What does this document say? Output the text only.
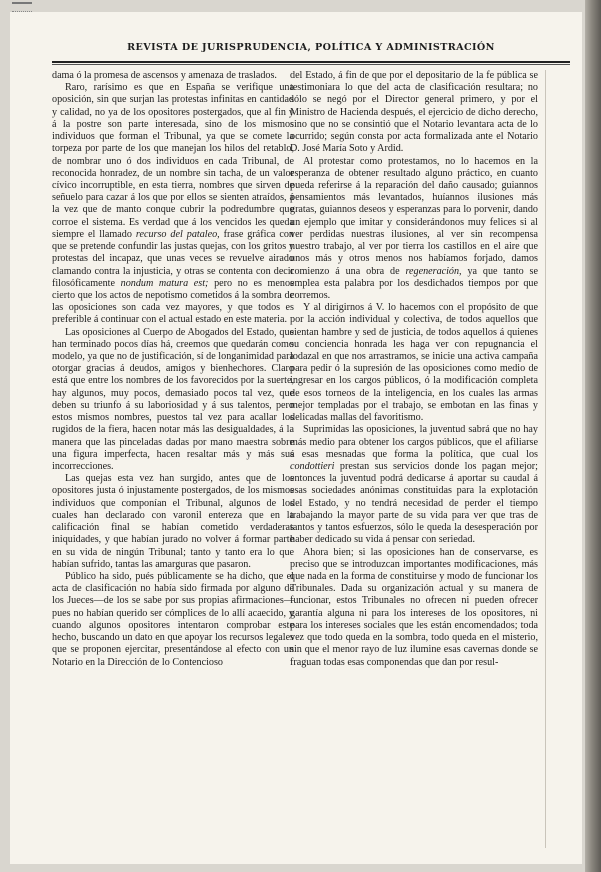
REVISTA DE JURISPRUDENCIA, POLÍTICA Y ADMINISTRACIÓN

dama ó la promesa de ascensos y amenaza de traslados.

Raro, rarísimo es que en España se verifique una oposición, sin que surjan las protestas infinitas en cantidad y calidad, no ya de los opositores postergados, que al fin y á la postre son parte interesada, sino de los mismos individuos que forman el Tribunal, ya que se comete la torpeza por parte de los que manejan los hilos del retablo, de nombrar uno ó dos individuos en cada Tribunal, de reconocida honradez, de un nombre sin tacha, de un valor cívico incorruptible, en esta tierra, nombres que sirven de señuelo para cazar á los que por ellos se sienten atraídos, á la vez que de manto conque cubrir la podredumbre que corroe el sistema. Es verdad que á los vencidos les queda siempre el llamado recurso del pataleo, frase gráfica con que se pretende confundir las justas quejas, con los gritos y protestas del incapaz, que unas veces se revuelve airado clamando contra la injusticia, y otras se contenta con decir filosóficamente nondum matura est; pero no es menos cierto que los actos de nepotismo cometidos á la sombra de las oposiciones son cada vez mayores, y que todos es preferible á continuar con el actual estado en este materia.

Las oposiciones al Cuerpo de Abogados del Estado, que han terminado pocos días há, creemos que quedarán como modelo, ya que no de justificación, sí de longanimidad para otorgar gracias á deudos, amigos y bienhechores. Claro está que entre los nombres de los favorecidos por la suerte, hay algunos, muy pocos, demasiado pocos tal vez, que deben su triunfo á su laboriosidad y á sus talentos, pero estos mismos nombres, puestos tal vez para acallar los rugidos de la fiera, hacen notar más las desigualdades, á la manera que las pinceladas dadas por mano maestra sobre una figura imperfecta, hacen resaltar más y más sus incorrecciones.

Las quejas esta vez han surgido, antes que de los opositores justa ó injustamente postergados, de los mismos individuos que componían el Tribunal, algunos de los cuales han declarado con varonil entereza que en la calificación final se habían cometido verdaderas iniquidades, y que habían jurado no volver á formar parte en su vida de ningún Tribunal; tanto y tanto era lo que habían sufrido, tantas las amarguras que pasaron.

Público ha sido, pués públicamente se ha dicho, que el acta de clasificación no había sido firmada por alguno de los Jueces—de los se sabe por sus propias afirmaciones—pues no habían querido ser cómplices de lo allí acaecido, y cuando algunos opositores intentaron comprobar este hecho, buscando un dato en que apoyar los recursos legales que se proponen ejercitar, presentándose al efecto con un Notario en la Dirección de lo Contencioso

del Estado, á fin de que por el depositario de la fe pública se testimoniara lo que del acta de clasificación resultara; no sólo se negó por el Director general primero, y por el Ministro de Hacienda después, el ejercicio de dicho derecho, sino que no se consintió que el Notario levantara acta de lo ocurrido; según consta por acta formalizada ante el Notario D. José María Soto y Ardid.

Al protestar como protestamos, no lo hacemos en la esperanza de obtener resultado alguno práctico, en cuanto pueda referirse á la reparación del daño causado; guiannos pensamientos más levantados, huíannos ilusiones más gratas, guiannos deseos y esperanzas para lo porvenir, dando un ejemplo que imitar y considerándonos muy felices si al ver perdidas nuestras ilusiones, al ver sin recompensa nuestro trabajo, al ver por tierra los castillos en el aire que unos más y otros menos nos habíamos forjado, damos comienzo á una obra de regeneración, ya que tanto se emplea esta palabra por los desdichados tiempos por que corremos.

Y al dirigirnos á V. lo hacemos con el propósito de que por la acción individual y colectiva, de todos aquellos que sientan hambre y sed de justicia, de todos aquellos á quienes su conciencia honrada les haga ver con repugnancia el lodazal en que nos arrastramos, se inicie una activa campaña para pedir ó la supresión de las oposiciones como medio de ingresar en los cargos públicos, ó la modificación completa de esos torneos de la inteligencia, en los cuales las armas mejor templadas por el trabajo, se embotan en las finas y delicadas mallas del favoritismo.

Suprimidas las oposiciones, la juventud sabrá que no hay más medio para obtener los cargos públicos, que el afiliarse á esas mesnadas que forma la política, que cual los condottieri prestan sus servicios donde los pagan mejor; entonces la juventud podrá dedicarse á aportar su caudal á esas sociedades anónimas constituidas para la explotación del Estado, y no tendrá necesidad de perder el tiempo trabajando la mayor parte de su vida para ver que tras de tantos y tantos esfuerzos, sólo le queda la desesperación por haber dedicado su vida á pensar con seriedad.

Ahora bien; si las oposiciones han de conservarse, es preciso que se introduzcan importantes modificaciones, más que nada en la forma de constituirse y modo de funcionar los Tribunales. Dada su organización actual y su manera de funcionar, estos Tribunales no ofrecen ni pueden ofrecer garantía alguna ni para los intereses de los opositores, ni para los intereses sociales que les están encomendados; toda vez que todo queda en la sombra, todo queda en el misterio, sin que el menor rayo de luz ilumine esas cavernas donde se fraguan todas esas componendas que dan por resul-
